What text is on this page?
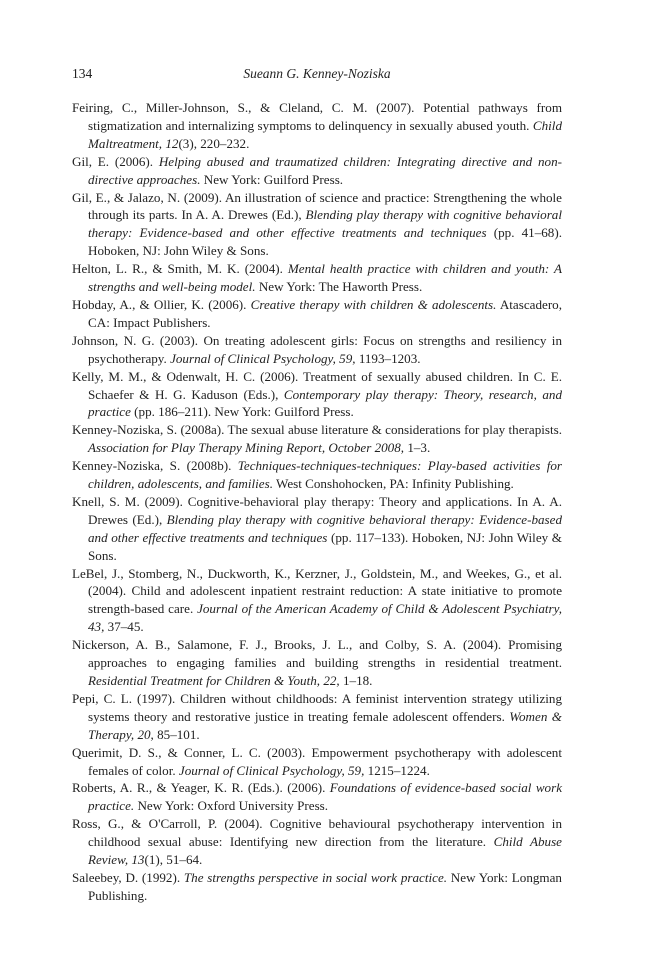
134	Sueann G. Kenney-Noziska
Feiring, C., Miller-Johnson, S., & Cleland, C. M. (2007). Potential pathways from stigmatization and internalizing symptoms to delinquency in sexually abused youth. Child Maltreatment, 12(3), 220–232.
Gil, E. (2006). Helping abused and traumatized children: Integrating directive and non-directive approaches. New York: Guilford Press.
Gil, E., & Jalazo, N. (2009). An illustration of science and practice: Strengthening the whole through its parts. In A. A. Drewes (Ed.), Blending play therapy with cognitive behavioral therapy: Evidence-based and other effective treatments and techniques (pp. 41–68). Hoboken, NJ: John Wiley & Sons.
Helton, L. R., & Smith, M. K. (2004). Mental health practice with children and youth: A strengths and well-being model. New York: The Haworth Press.
Hobday, A., & Ollier, K. (2006). Creative therapy with children & adolescents. Atascadero, CA: Impact Publishers.
Johnson, N. G. (2003). On treating adolescent girls: Focus on strengths and resiliency in psychotherapy. Journal of Clinical Psychology, 59, 1193–1203.
Kelly, M. M., & Odenwalt, H. C. (2006). Treatment of sexually abused children. In C. E. Schaefer & H. G. Kaduson (Eds.), Contemporary play therapy: Theory, research, and practice (pp. 186–211). New York: Guilford Press.
Kenney-Noziska, S. (2008a). The sexual abuse literature & considerations for play therapists. Association for Play Therapy Mining Report, October 2008, 1–3.
Kenney-Noziska, S. (2008b). Techniques-techniques-techniques: Play-based activities for children, adolescents, and families. West Conshohocken, PA: Infinity Publishing.
Knell, S. M. (2009). Cognitive-behavioral play therapy: Theory and applications. In A. A. Drewes (Ed.), Blending play therapy with cognitive behavioral therapy: Evidence-based and other effective treatments and techniques (pp. 117–133). Hoboken, NJ: John Wiley & Sons.
LeBel, J., Stomberg, N., Duckworth, K., Kerzner, J., Goldstein, M., and Weekes, G., et al. (2004). Child and adolescent inpatient restraint reduction: A state initiative to promote strength-based care. Journal of the American Academy of Child & Adolescent Psychiatry, 43, 37–45.
Nickerson, A. B., Salamone, F. J., Brooks, J. L., and Colby, S. A. (2004). Promising approaches to engaging families and building strengths in residential treatment. Residential Treatment for Children & Youth, 22, 1–18.
Pepi, C. L. (1997). Children without childhoods: A feminist intervention strategy utilizing systems theory and restorative justice in treating female adolescent offenders. Women & Therapy, 20, 85–101.
Querimit, D. S., & Conner, L. C. (2003). Empowerment psychotherapy with adolescent females of color. Journal of Clinical Psychology, 59, 1215–1224.
Roberts, A. R., & Yeager, K. R. (Eds.). (2006). Foundations of evidence-based social work practice. New York: Oxford University Press.
Ross, G., & O'Carroll, P. (2004). Cognitive behavioural psychotherapy intervention in childhood sexual abuse: Identifying new direction from the literature. Child Abuse Review, 13(1), 51–64.
Saleebey, D. (1992). The strengths perspective in social work practice. New York: Longman Publishing.
